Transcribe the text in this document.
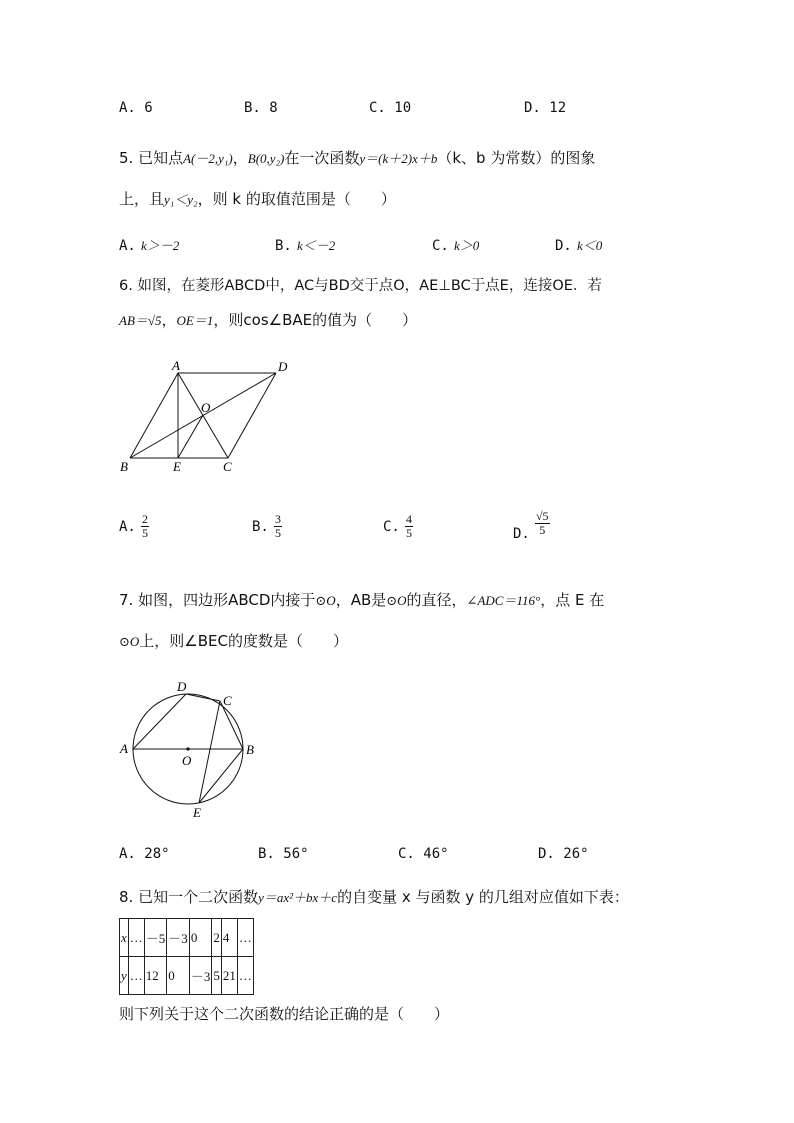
A. 6	B. 8	C. 10	D. 12
5. 已知点A(－2,y₁)，B(0,y₂)在一次函数y＝(k＋2)x＋b（k、b 为常数）的图象
上，且y₁＜y₂，则 k 的取值范围是（　　）
A. k＞－2	B. k＜－2	C. k＞0	D. k＜0
6. 如图，在菱形ABCD中，AC与BD交于点O，AE⊥BC于点E，连接OE．若
AB＝√5，OE＝1，则cos∠BAE的值为（　　）
A	D
O
B	E	C
A. $\frac{2}{5}$	B. $\frac{3}{5}$	C. $\frac{4}{5}$	D. $\frac{√5}{5}$
7. 如图，四边形ABCD内接于⊙O，AB是⊙O的直径，∠ADC＝116°，点 E 在
⊙O上，则∠BEC的度数是（　　）
D
C
A	B
O
E
A. 28°	B. 56°	C. 46°	D. 26°
8. 已知一个二次函数y＝ax²＋bx＋c的自变量 x 与函数 y 的几组对应值如下表：
x	…	－5	－3	0	2	4	…
y	…	12	0	－3	5	21	…
则下列关于这个二次函数的结论正确的是（　　）
